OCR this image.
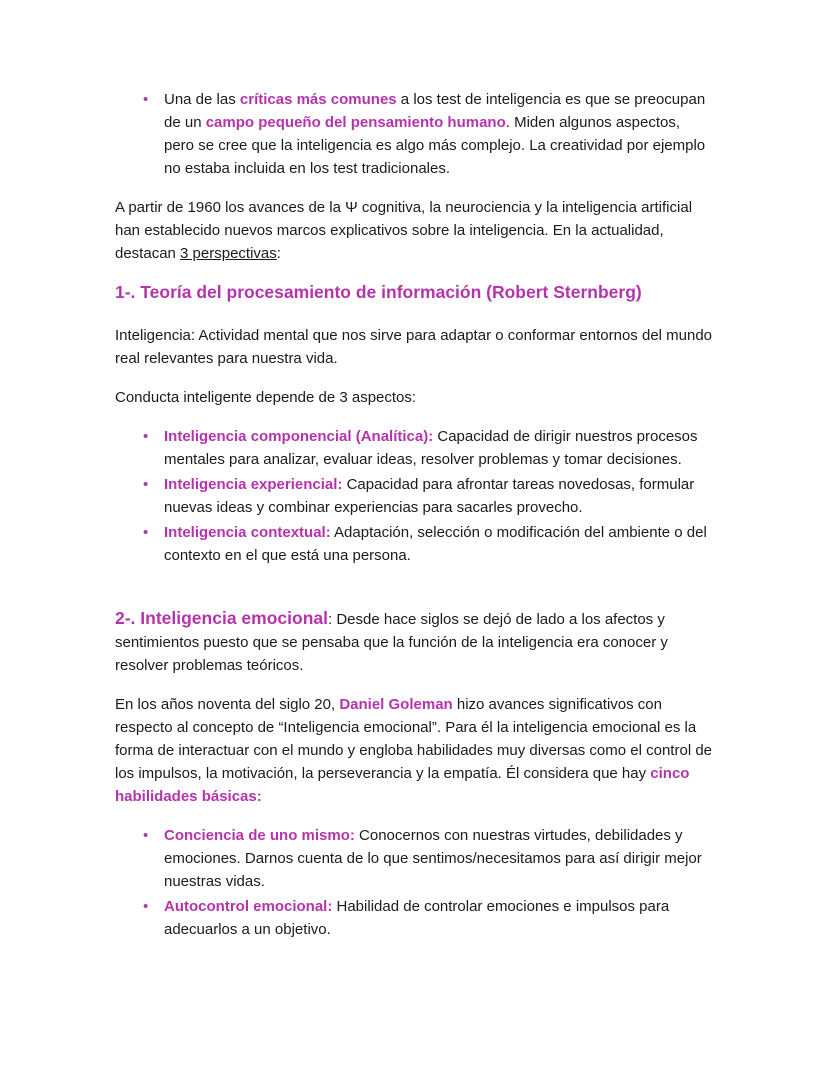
• Una de las críticas más comunes a los test de inteligencia es que se preocupan de un campo pequeño del pensamiento humano. Miden algunos aspectos, pero se cree que la inteligencia es algo más complejo. La creatividad por ejemplo no estaba incluida en los test tradicionales.

A partir de 1960 los avances de la Ψ cognitiva, la neurociencia y la inteligencia artificial han establecido nuevos marcos explicativos sobre la inteligencia. En la actualidad, destacan 3 perspectivas:

1-. Teoría del procesamiento de información (Robert Sternberg)

Inteligencia: Actividad mental que nos sirve para adaptar o conformar entornos del mundo real relevantes para nuestra vida.

Conducta inteligente depende de 3 aspectos:

• Inteligencia componencial (Analítica): Capacidad de dirigir nuestros procesos mentales para analizar, evaluar ideas, resolver problemas y tomar decisiones.
• Inteligencia experiencial: Capacidad para afrontar tareas novedosas, formular nuevas ideas y combinar experiencias para sacarles provecho.
• Inteligencia contextual: Adaptación, selección o modificación del ambiente o del contexto en el que está una persona.

2-. Inteligencia emocional: Desde hace siglos se dejó de lado a los afectos y sentimientos puesto que se pensaba que la función de la inteligencia era conocer y resolver problemas teóricos.

En los años noventa del siglo 20, Daniel Goleman hizo avances significativos con respecto al concepto de “Inteligencia emocional”. Para él la inteligencia emocional es la forma de interactuar con el mundo y engloba habilidades muy diversas como el control de los impulsos, la motivación, la perseverancia y la empatía. Él considera que hay cinco habilidades básicas:

• Conciencia de uno mismo: Conocernos con nuestras virtudes, debilidades y emociones. Darnos cuenta de lo que sentimos/necesitamos para así dirigir mejor nuestras vidas.
• Autocontrol emocional: Habilidad de controlar emociones e impulsos para adecuarlos a un objetivo.
